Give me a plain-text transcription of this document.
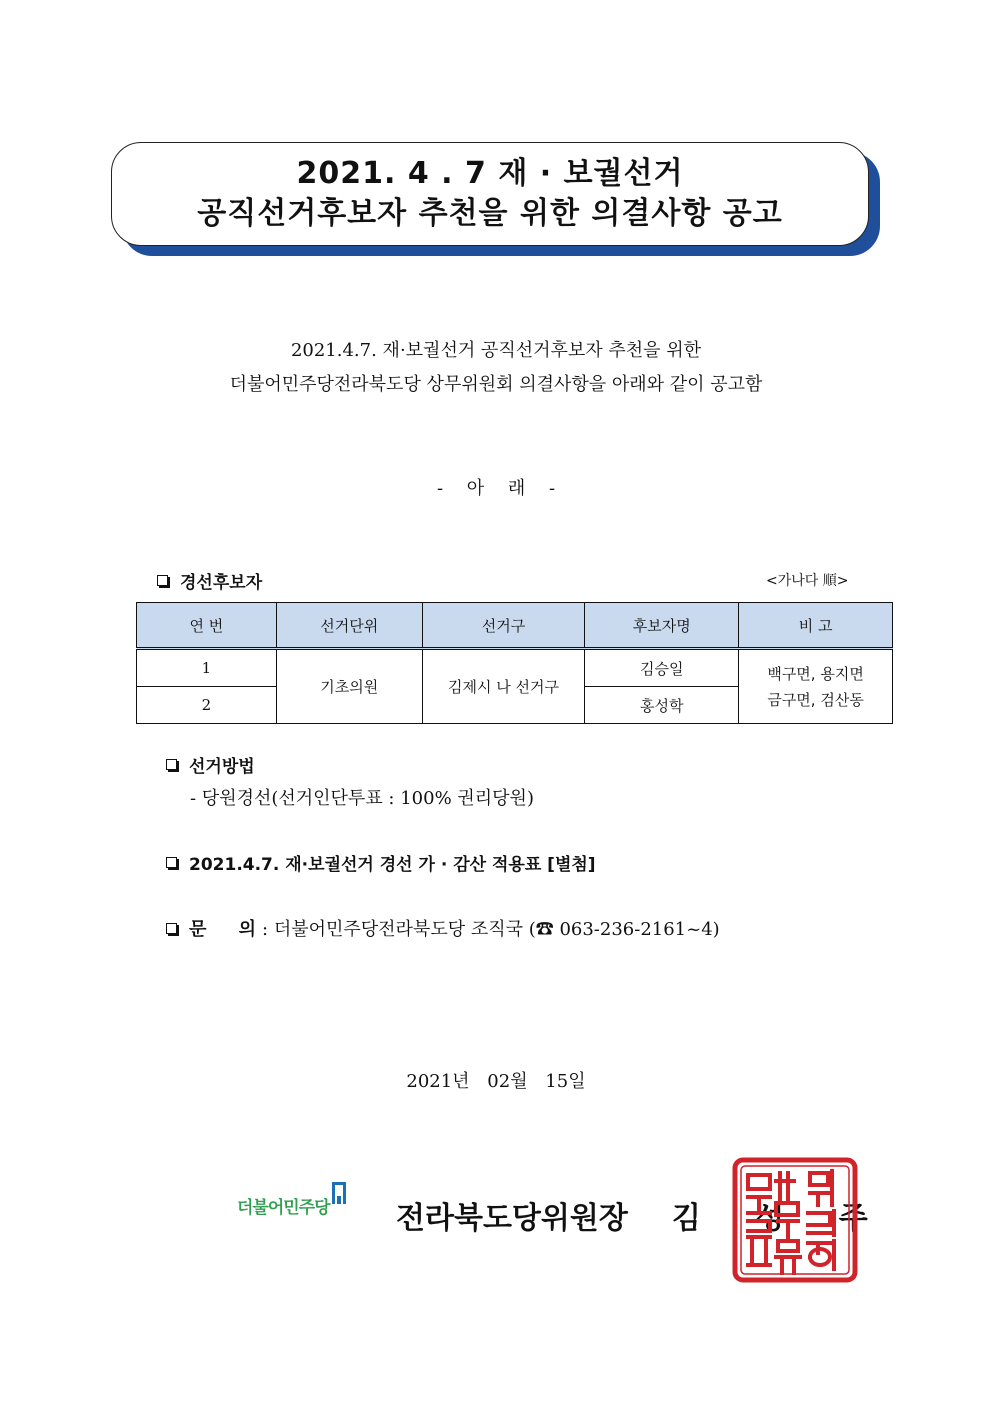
2021. 4 . 7 재 · 보궐선거
공직선거후보자 추천을 위한 의결사항 공고
2021.4.7. 재·보궐선거 공직선거후보자 추천을 위한
더불어민주당전라북도당 상무위원회 의결사항을 아래와 같이 공고함
- 아 래 -
경선후보자	<가나다 順>
연 번	선거단위	선거구	후보자명	비 고
1	기초의원	김제시 나 선거구	김승일	백구면, 용지면
금구면, 검산동

2			홍성학	
선거방법
- 당원경선(선거인단투표 : 100% 권리당원)
2021.4.7. 재·보궐선거 경선 가 · 감산 적용표 [별첨]
문 의 : 더불어민주당전라북도당 조직국 (☎ 063-236-2161~4)
2021년 02월 15일
더불어민주당 전라북도당위원장 김 성 주
